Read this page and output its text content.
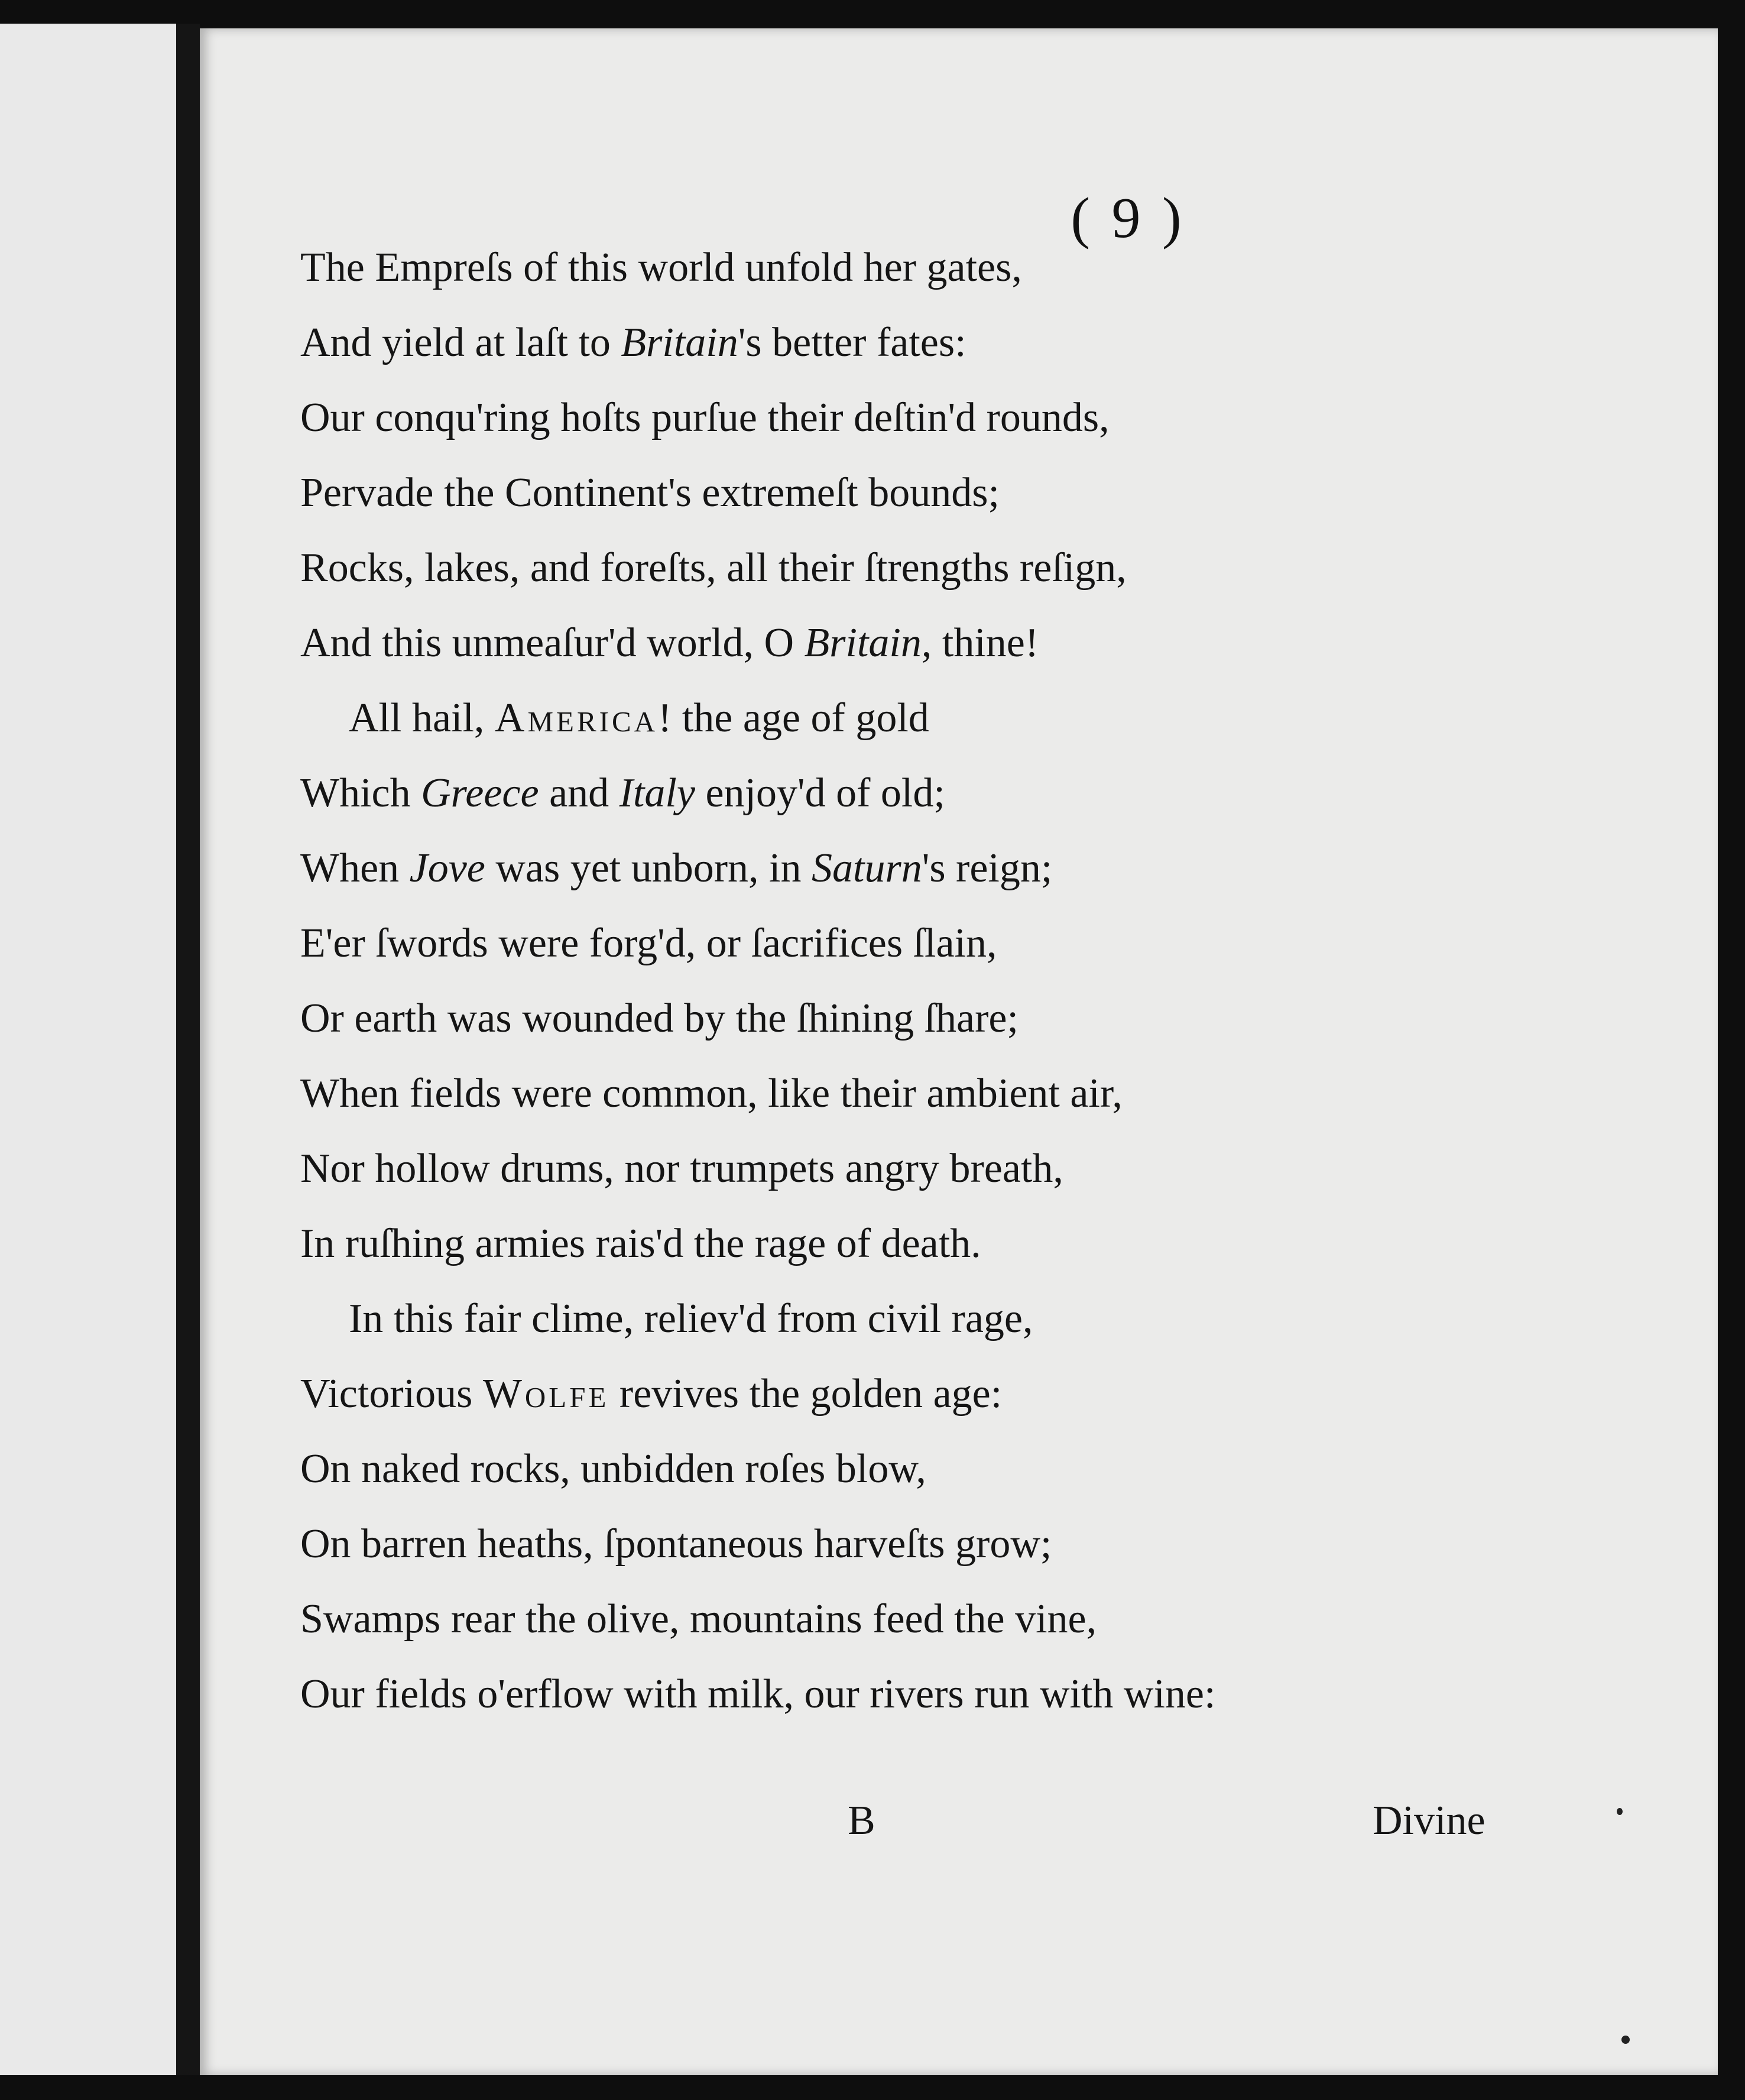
( 9 )
The Empreſs of this world unfold her gates,
And yield at laſt to Britain's better fates:
Our conqu'ring hoſts purſue their deſtin'd rounds,
Pervade the Continent's extremeſt bounds;
Rocks, lakes, and foreſts, all their ſtrengths reſign,
And this unmeaſur'd world, O Britain, thine!
All hail, America! the age of gold
Which Greece and Italy enjoy'd of old;
When Jove was yet unborn, in Saturn's reign;
E'er ſwords were forg'd, or ſacrifices ſlain,
Or earth was wounded by the ſhining ſhare;
When fields were common, like their ambient air,
Nor hollow drums, nor trumpets angry breath,
In ruſhing armies rais'd the rage of death.
In this fair clime, reliev'd from civil rage,
Victorious Wolfe revives the golden age:
On naked rocks, unbidden roſes blow,
On barren heaths, ſpontaneous harveſts grow;
Swamps rear the olive, mountains feed the vine,
Our fields o'erflow with milk, our rivers run with wine:
B	Divine
